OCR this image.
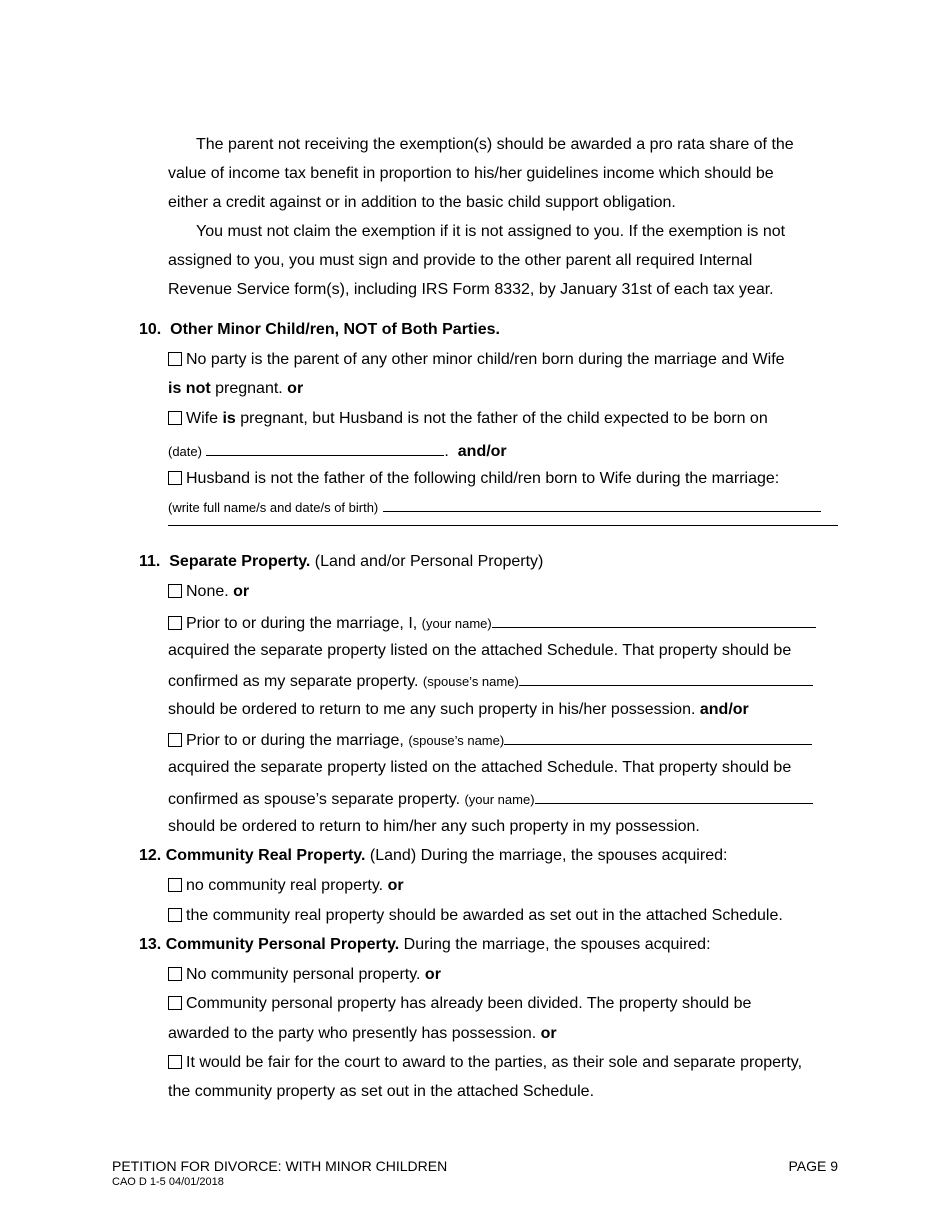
The parent not receiving the exemption(s) should be awarded a pro rata share of the
value of income tax benefit in proportion to his/her guidelines income which should be
either a credit against or in addition to the basic child support obligation.
You must not claim the exemption if it is not assigned to you. If the exemption is not
assigned to you, you must sign and provide to the other parent all required Internal
Revenue Service form(s), including IRS Form 8332, by January 31st of each tax year.
10. Other Minor Child/ren, NOT of Both Parties.
No party is the parent of any other minor child/ren born during the marriage and Wife
is not pregnant. or
Wife is pregnant, but Husband is not the father of the child expected to be born on
(date)	.  and/or
Husband is not the father of the following child/ren born to Wife during the marriage:
(write full name/s and date/s of birth)
11. Separate Property. (Land and/or Personal Property)
None. or
Prior to or during the marriage, I, (your name)
acquired the separate property listed on the attached Schedule. That property should be
confirmed as my separate property. (spouse’s name)
should be ordered to return to me any such property in his/her possession. and/or
Prior to or during the marriage, (spouse’s name)
acquired the separate property listed on the attached Schedule. That property should be
confirmed as spouse’s separate property. (your name)
should be ordered to return to him/her any such property in my possession.
12. Community Real Property. (Land) During the marriage, the spouses acquired:
no community real property. or
the community real property should be awarded as set out in the attached Schedule.
13. Community Personal Property. During the marriage, the spouses acquired:
No community personal property. or
Community personal property has already been divided. The property should be
awarded to the party who presently has possession. or
It would be fair for the court to award to the parties, as their sole and separate property,
the community property as set out in the attached Schedule.
PETITION FOR DIVORCE: WITH MINOR CHILDREN
CAO D 1-5 04/01/2018
PAGE 9
